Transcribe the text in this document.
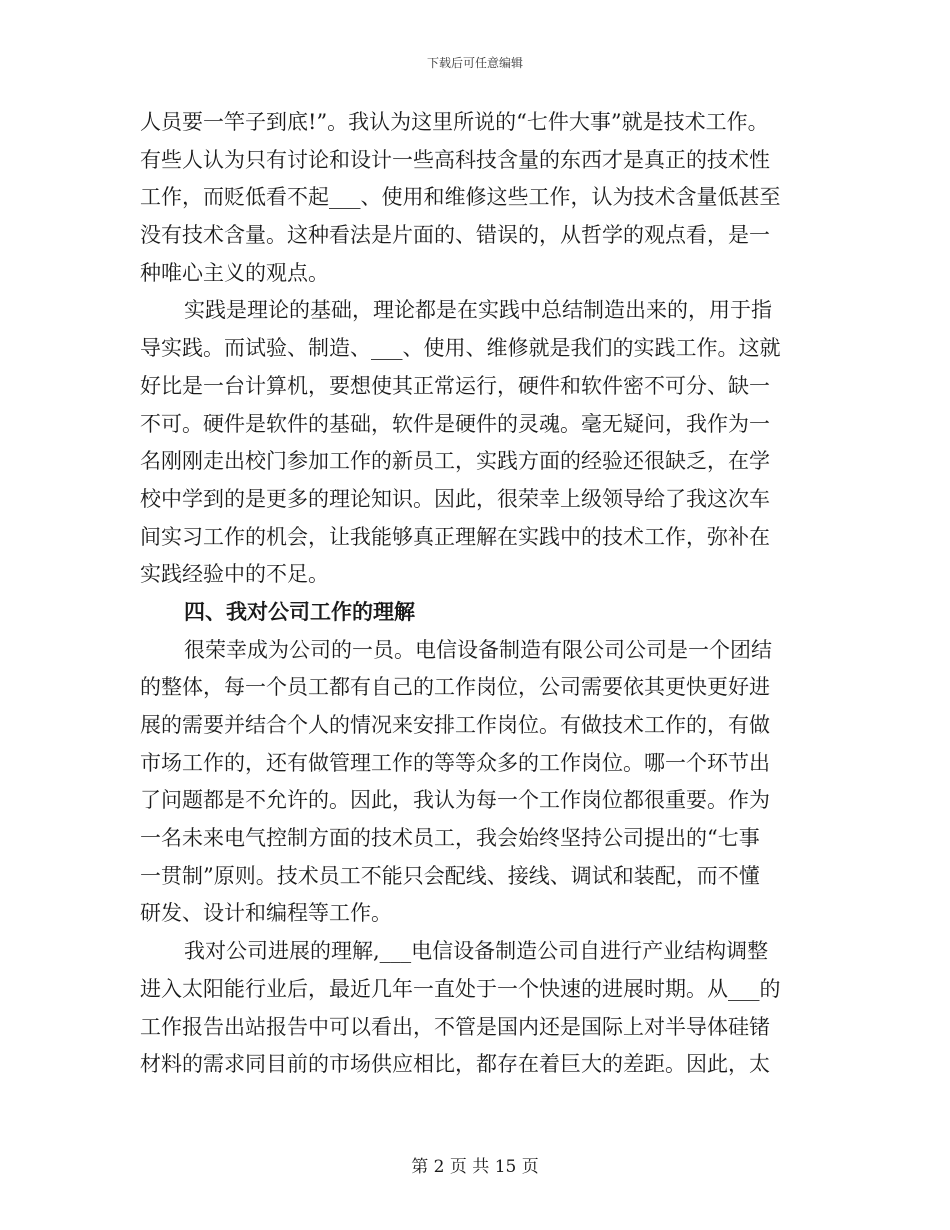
下载后可任意编辑
人员要一竿子到底!”。我认为这里所说的“七件大事”就是技术工作。
有些人认为只有讨论和设计一些高科技含量的东西才是真正的技术性
工作，而贬低看不起___、使用和维修这些工作，认为技术含量低甚至
没有技术含量。这种看法是片面的、错误的，从哲学的观点看，是一
种唯心主义的观点。
实践是理论的基础，理论都是在实践中总结制造出来的，用于指
导实践。而试验、制造、___、使用、维修就是我们的实践工作。这就
好比是一台计算机，要想使其正常运行，硬件和软件密不可分、缺一
不可。硬件是软件的基础，软件是硬件的灵魂。毫无疑问，我作为一
名刚刚走出校门参加工作的新员工，实践方面的经验还很缺乏，在学
校中学到的是更多的理论知识。因此，很荣幸上级领导给了我这次车
间实习工作的机会，让我能够真正理解在实践中的技术工作，弥补在
实践经验中的不足。
四、我对公司工作的理解
很荣幸成为公司的一员。电信设备制造有限公司公司是一个团结
的整体，每一个员工都有自己的工作岗位，公司需要依其更快更好进
展的需要并结合个人的情况来安排工作岗位。有做技术工作的，有做
市场工作的，还有做管理工作的等等众多的工作岗位。哪一个环节出
了问题都是不允许的。因此，我认为每一个工作岗位都很重要。作为
一名未来电气控制方面的技术员工，我会始终坚持公司提出的“七事
一贯制”原则。技术员工不能只会配线、接线、调试和装配，而不懂
研发、设计和编程等工作。
我对公司进展的理解,___电信设备制造公司自进行产业结构调整
进入太阳能行业后，最近几年一直处于一个快速的进展时期。从___的
工作报告出站报告中可以看出，不管是国内还是国际上对半导体硅锗
材料的需求同目前的市场供应相比，都存在着巨大的差距。因此，太
第 2 页 共 15 页
